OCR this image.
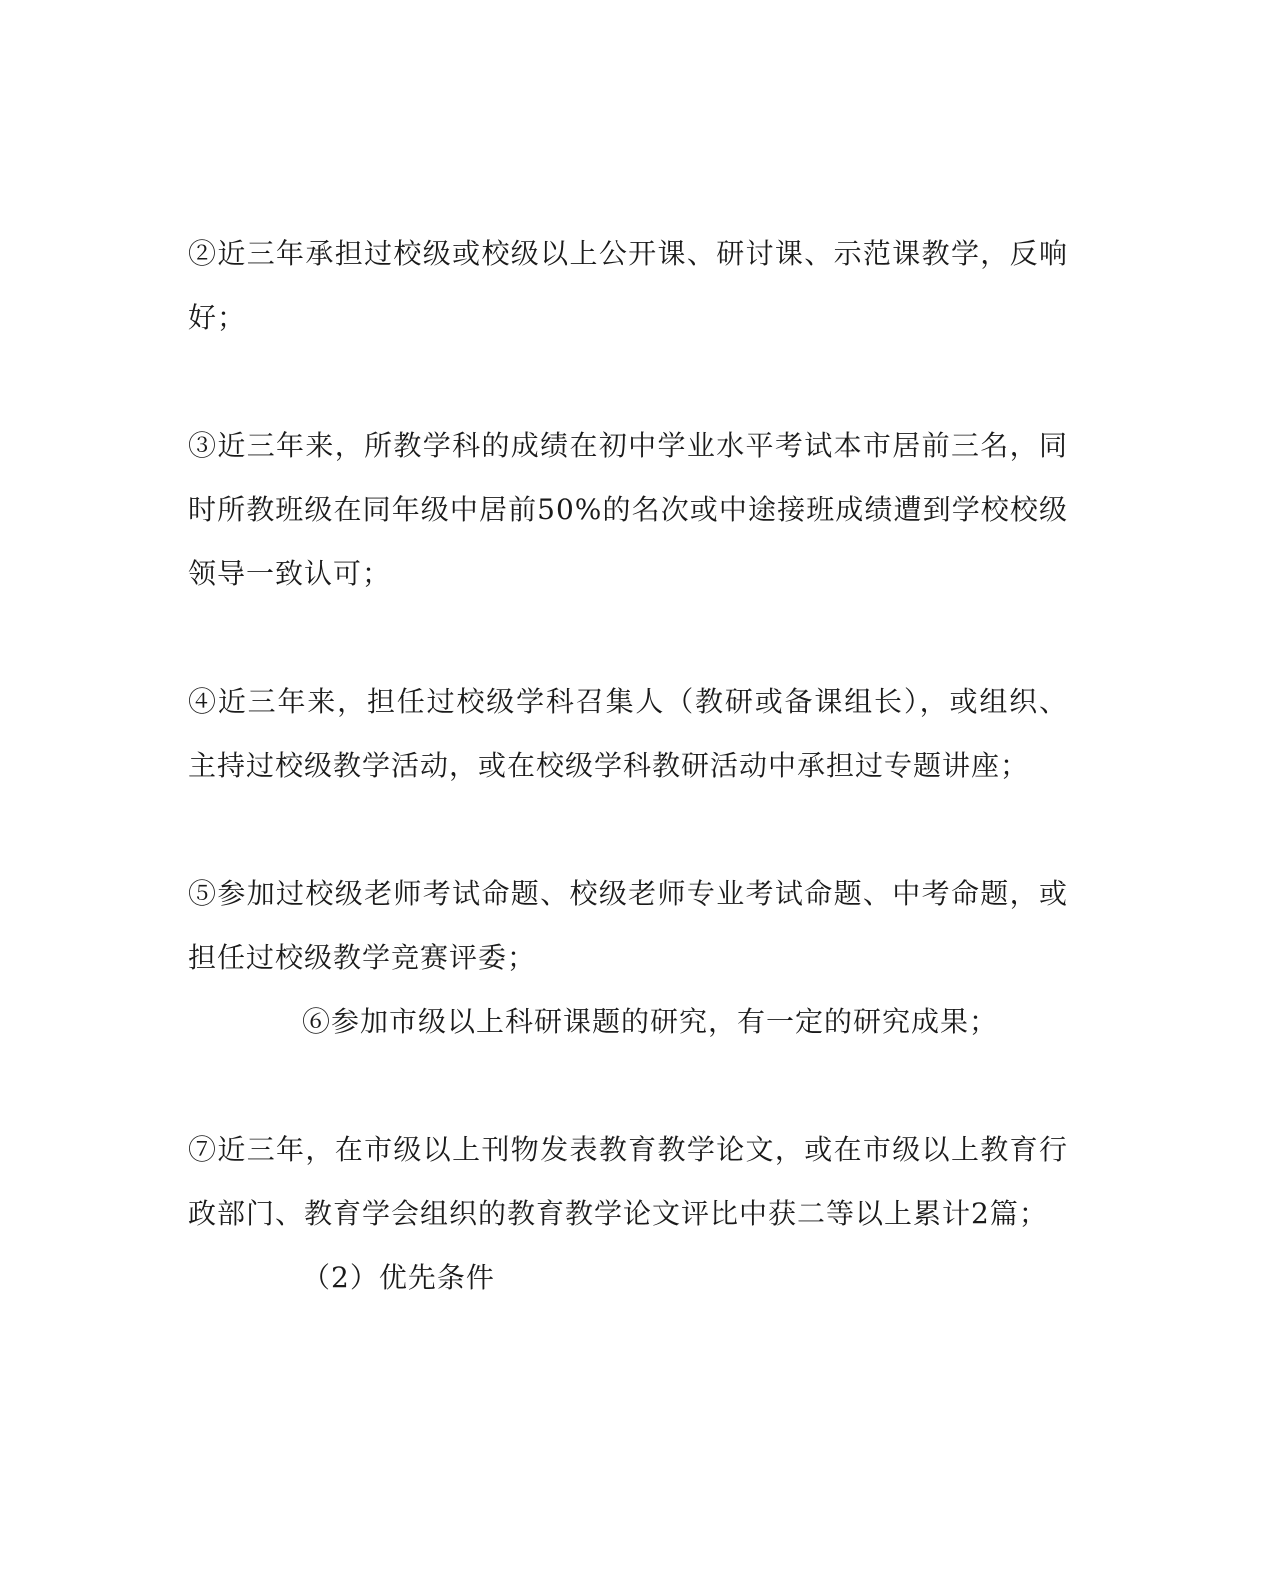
②近三年承担过校级或校级以上公开课、研讨课、示范课教学，反响好；

③近三年来，所教学科的成绩在初中学业水平考试本市居前三名，同时所教班级在同年级中居前50%的名次或中途接班成绩遭到学校校级领导一致认可；

④近三年来，担任过校级学科召集人（教研或备课组长），或组织、主持过校级教学活动，或在校级学科教研活动中承担过专题讲座；

⑤参加过校级老师考试命题、校级老师专业考试命题、中考命题，或担任过校级教学竞赛评委；

⑥参加市级以上科研课题的研究，有一定的研究成果；

⑦近三年，在市级以上刊物发表教育教学论文，或在市级以上教育行政部门、教育学会组织的教育教学论文评比中获二等以上累计2篇；

（2）优先条件
